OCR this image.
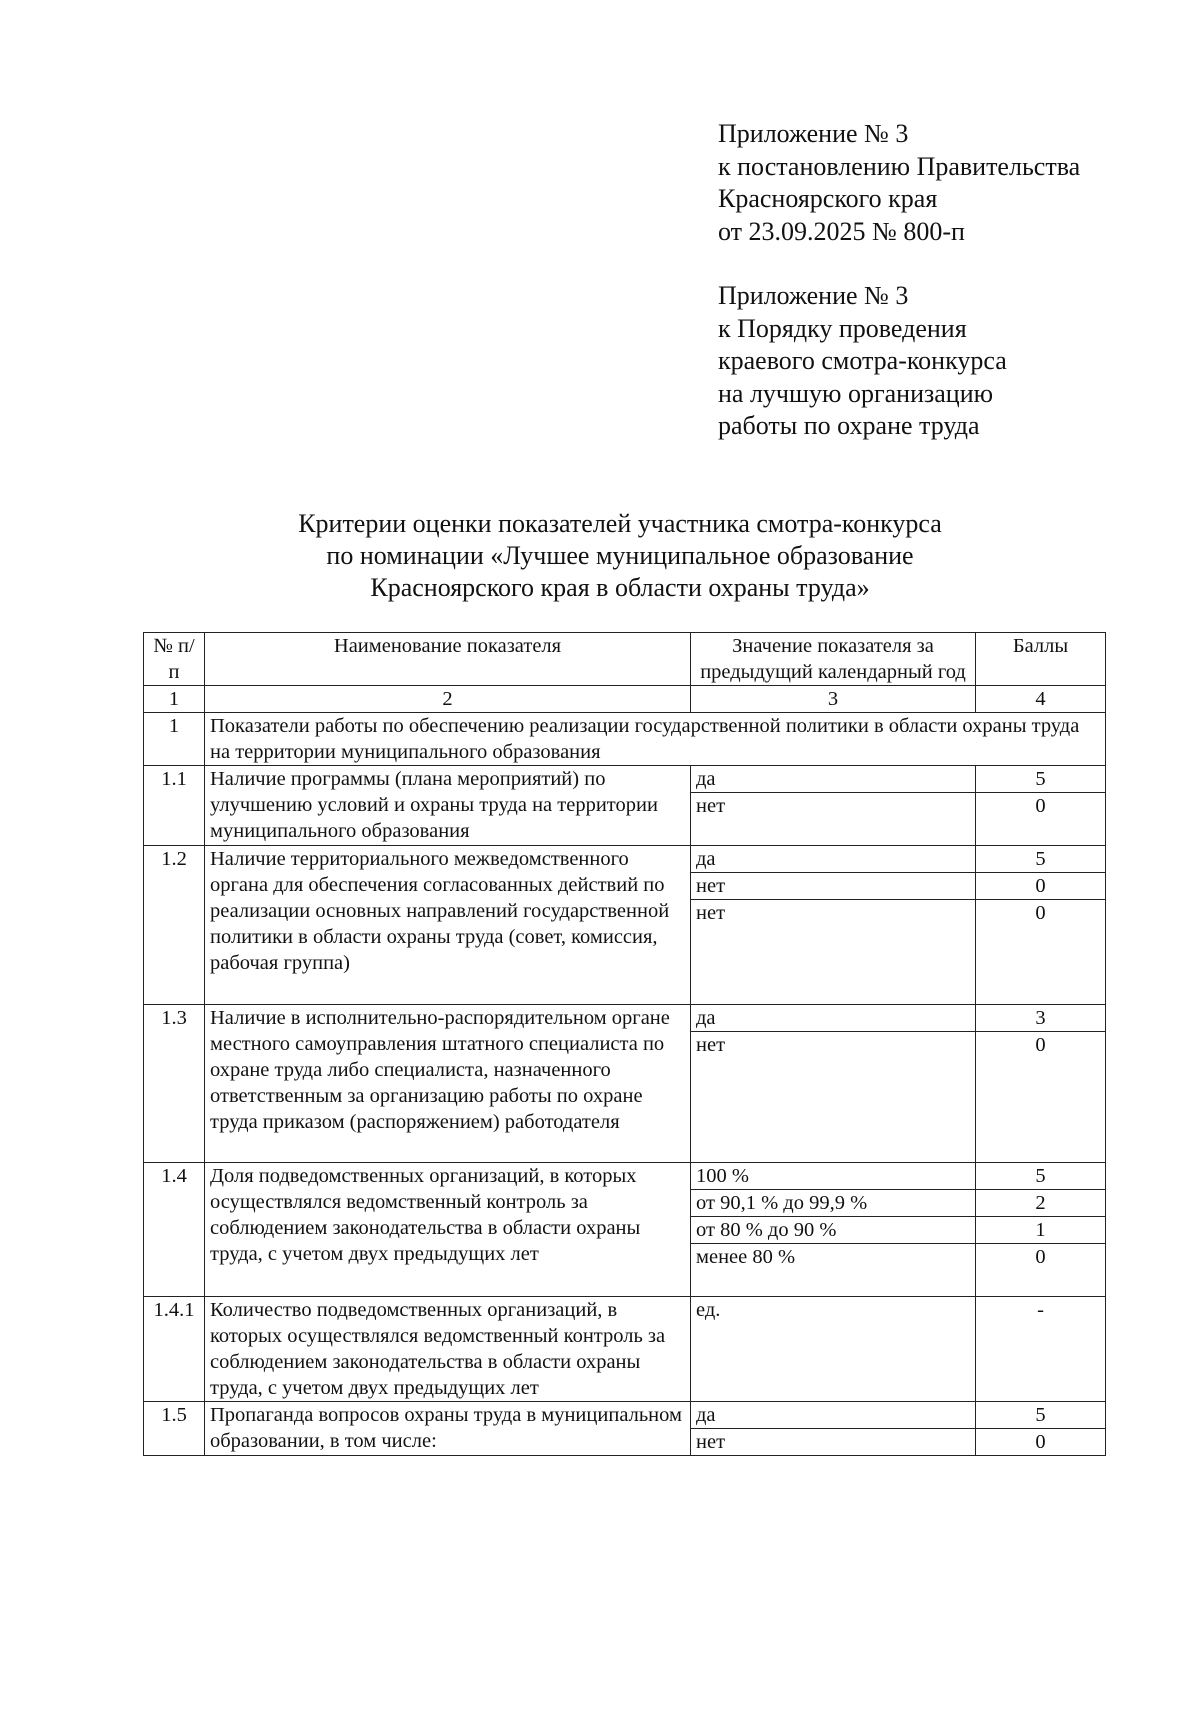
Приложение № 3
к постановлению Правительства
Красноярского края
от 23.09.2025 № 800-п
Приложение № 3
к Порядку проведения
краевого смотра-конкурса
на лучшую организацию
работы по охране труда
Критерии оценки показателей участника смотра-конкурса
по номинации «Лучшее муниципальное образование
Красноярского края в области охраны труда»
№ п/п	Наименование показателя	Значение показателя за предыдущий календарный год	Баллы
1	2	3	4
1	Показатели работы по обеспечению реализации государственной политики в области охраны труда на территории муниципального образования		
1.1	Наличие программы (плана мероприятий) по улучшению условий и охраны труда на территории муниципального образования	да	5
		нет	0
1.2	Наличие территориального межведомственного органа для обеспечения согласованных действий по реализации основных направлений государственной политики в области охраны труда (совет, комиссия, рабочая группа)	да	5
		нет	0
		нет	0
1.3	Наличие в исполнительно-распорядительном органе местного самоуправления штатного специалиста по охране труда либо специалиста, назначенного ответственным за организацию работы по охране труда приказом (распоряжением) работодателя	да	3
		нет	0
1.4	Доля подведомственных организаций, в которых осуществлялся ведомственный контроль за соблюдением законодательства в области охраны труда, с учетом двух предыдущих лет	100 %	5
		от 90,1 % до 99,9 %	2
		от 80 % до 90 %	1
		менее 80 %	0
1.4.1	Количество подведомственных организаций, в которых осуществлялся ведомственный контроль за соблюдением законодательства в области охраны труда, с учетом двух предыдущих лет	ед.	-
1.5	Пропаганда вопросов охраны труда в муниципальном образовании, в том числе:	да	5
		нет	0
